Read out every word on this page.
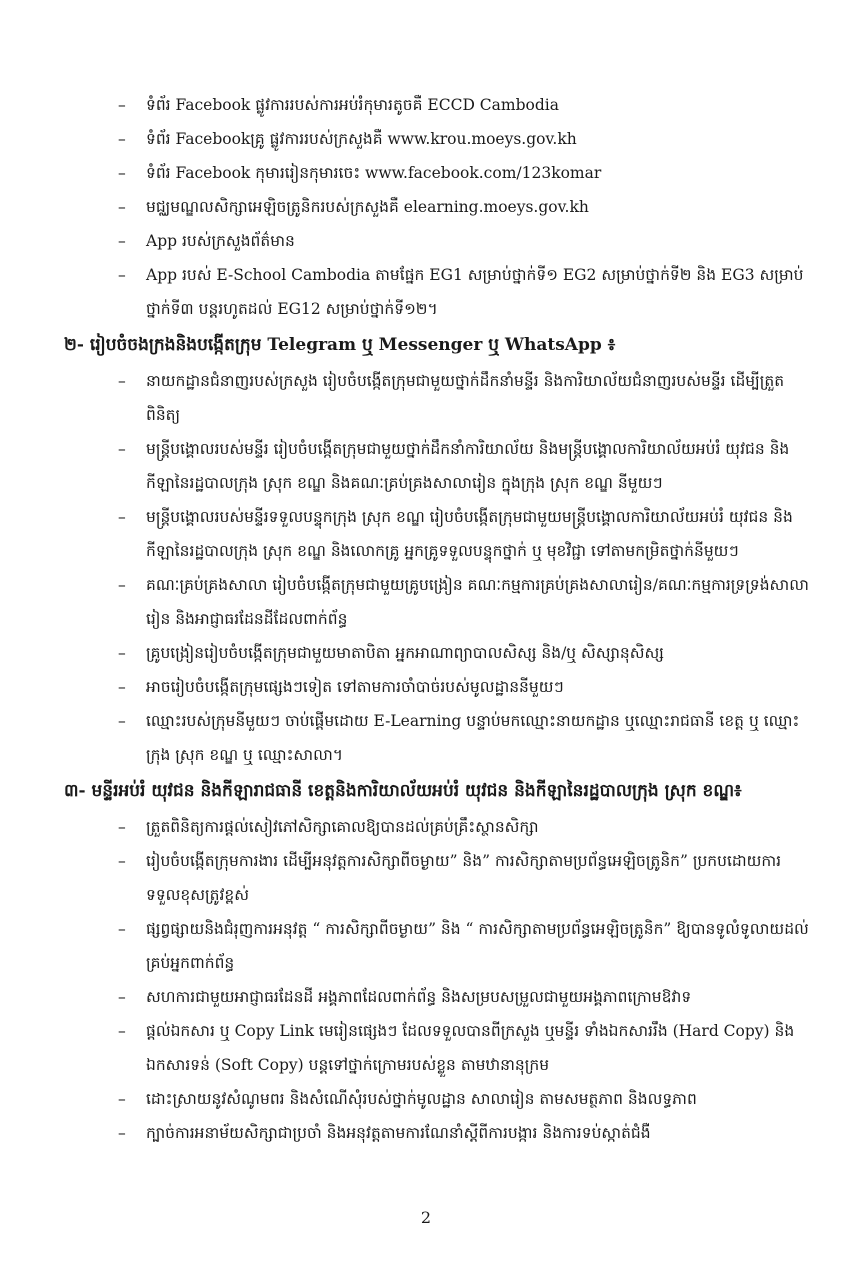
– ទំព័រ Facebook ផ្លូវការរបស់ការអប់រំកុមារតូចគឺ ECCD Cambodia
– ទំព័រ Facebookគ្រូ ផ្លូវការរបស់ក្រសួងគឺ www.krou.moeys.gov.kh
– ទំព័រ Facebook កុមាររៀនកុមារចេះ www.facebook.com/123komar
– មជ្ឈមណ្ឌលសិក្សាអេឡិចត្រូនិករបស់ក្រសួងគឺ elearning.moeys.gov.kh
– App របស់ក្រសួងព័ត៌មាន
– App របស់ E-School Cambodia តាមផ្នែក EG1 សម្រាប់ថ្នាក់ទី១ EG2 សម្រាប់ថ្នាក់ទី២ និង EG3 សម្រាប់ថ្នាក់ទី៣ បន្តរហូតដល់ EG12 សម្រាប់ថ្នាក់ទី១២។
២- រៀបចំចងក្រងនិងបង្កើតក្រុម Telegram ឬ Messenger ឬ WhatsApp ៖
– នាយកដ្ឋានជំនាញរបស់ក្រសួង រៀបចំបង្កើតក្រុមជាមួយថ្នាក់ដឹកនាំមន្ទីរ និងការិយាល័យជំនាញរបស់មន្ទីរ ដើម្បីត្រួតពិនិត្យ
– មន្ត្រីបង្គោលរបស់មន្ទីរ រៀបចំបង្កើតក្រុមជាមួយថ្នាក់ដឹកនាំការិយាល័យ និងមន្ត្រីបង្គោលការិយាល័យអប់រំ យុវជន និងកីឡានៃរដ្ឋបាលក្រុង ស្រុក ខណ្ឌ និងគណៈគ្រប់គ្រងសាលារៀន ក្នុងក្រុង ស្រុក ខណ្ឌ នីមួយៗ
– មន្ត្រីបង្គោលរបស់មន្ទីរទទួលបន្ទុកក្រុង ស្រុក ខណ្ឌ រៀបចំបង្កើតក្រុមជាមួយមន្ត្រីបង្គោលការិយាល័យអប់រំ យុវជន និងកីឡានៃរដ្ឋបាលក្រុង ស្រុក ខណ្ឌ និងលោកគ្រូ អ្នកគ្រូទទួលបន្ទុកថ្នាក់ ឬ មុខវិជ្ជា ទៅតាមកម្រិតថ្នាក់នីមួយៗ
– គណៈគ្រប់គ្រងសាលា រៀបចំបង្កើតក្រុមជាមួយគ្រូបង្រៀន គណៈកម្មការគ្រប់គ្រងសាលារៀន/គណៈកម្មការទ្រទ្រង់សាលារៀន និងអាជ្ញាធរដែនដីដែលពាក់ព័ន្ធ
– គ្រូបង្រៀនរៀបចំបង្កើតក្រុមជាមួយមាតាបិតា អ្នកអាណាព្យាបាលសិស្ស និង/ឬ សិស្សានុសិស្ស
– អាចរៀបចំបង្កើតក្រុមផ្សេងៗទៀត ទៅតាមការចាំបាច់របស់មូលដ្ឋាននីមួយៗ
– ឈ្មោះរបស់ក្រុមនីមួយៗ ចាប់ផ្តើមដោយ E-Learning បន្ទាប់មកឈ្មោះនាយកដ្ឋាន ឬឈ្មោះរាជធានី ខេត្ត ឬ ឈ្មោះក្រុង ស្រុក ខណ្ឌ ឬ ឈ្មោះសាលា។
៣- មន្ទីរអប់រំ យុវជន និងកីឡារាជធានី ខេត្តនិងការិយាល័យអប់រំ យុវជន និងកីឡានៃរដ្ឋបាលក្រុង ស្រុក ខណ្ឌ៖
– ត្រួតពិនិត្យការផ្តល់សៀវភៅសិក្សាគោលឱ្យបានដល់គ្រប់គ្រឹះស្ថានសិក្សា
– រៀបចំបង្កើតក្រុមការងារ ដើម្បីអនុវត្តការសិក្សាពីចម្ងាយ” និង” ការសិក្សាតាមប្រព័ន្ធអេឡិចត្រូនិក” ប្រកបដោយការទទួលខុសត្រូវខ្ពស់
– ផ្សព្វផ្សាយនិងជំរុញការអនុវត្ត “ ការសិក្សាពីចម្ងាយ” និង “ ការសិក្សាតាមប្រព័ន្ធអេឡិចត្រូនិក” ឱ្យបានទូលំទូលាយដល់គ្រប់អ្នកពាក់ព័ន្ធ
– សហការជាមួយអាជ្ញាធរដែនដី អង្គភាពដែលពាក់ព័ន្ធ និងសម្របសម្រួលជាមួយអង្គភាពក្រោមឱវាទ
– ផ្តល់ឯកសារ ឬ Copy Link មេរៀនផ្សេងៗ ដែលទទួលបានពីក្រសួង ឬមន្ទីរ ទាំងឯកសាររឹង (Hard Copy) និងឯកសារទន់ (Soft Copy) បន្តទៅថ្នាក់ក្រោមរបស់ខ្លួន តាមឋានានុក្រម
– ដោះស្រាយនូវសំណូមពរ និងសំណើសុំរបស់ថ្នាក់មូលដ្ឋាន សាលារៀន តាមសមត្ថភាព និងលទ្ធភាព
– ក្បាច់ការអនាម័យសិក្សាជាប្រចាំ និងអនុវត្តតាមការណែនាំស្តីពីការបង្ការ និងការទប់ស្កាត់ជំងឺ
2
